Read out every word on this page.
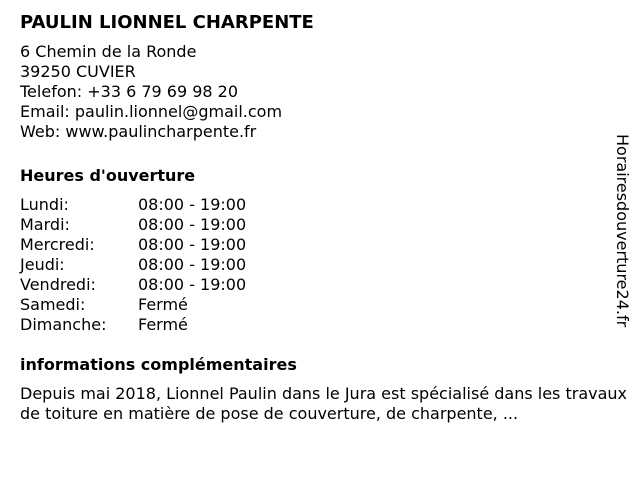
PAULIN LIONNEL CHARPENTE
6 Chemin de la Ronde
39250 CUVIER
Telefon: +33 6 79 69 98 20
Email: paulin.lionnel@gmail.com
Web: www.paulincharpente.fr
Heures d'ouverture
Lundi:	08:00 - 19:00
Mardi:	08:00 - 19:00
Mercredi:	08:00 - 19:00
Jeudi:	08:00 - 19:00
Vendredi:	08:00 - 19:00
Samedi:	Fermé
Dimanche:	Fermé
informations complémentaires
Depuis mai 2018, Lionnel Paulin dans le Jura est spécialisé dans les travaux de toiture en matière de pose de couverture, de charpente, ...
Horairesdouverture24.fr
